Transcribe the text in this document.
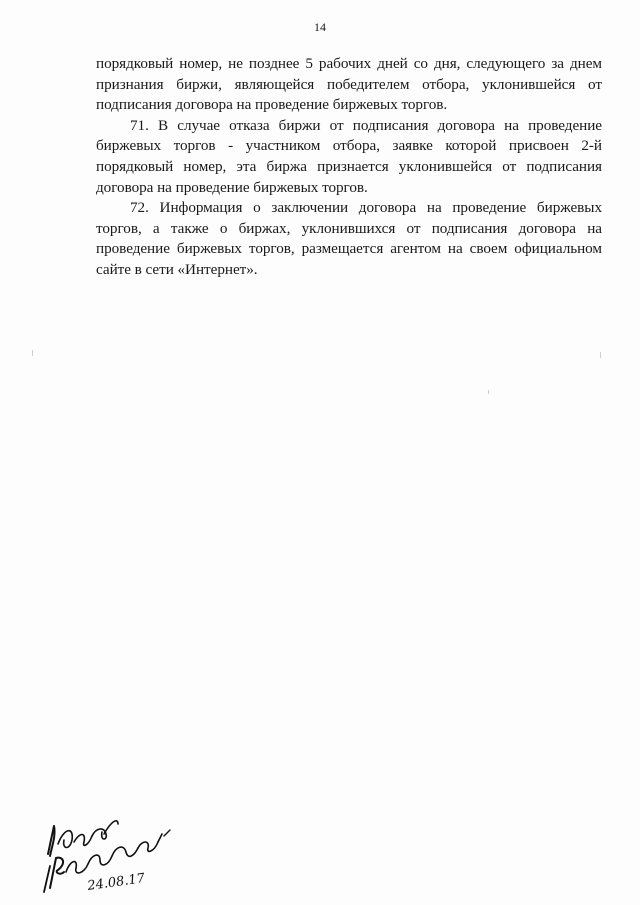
14

порядковый номер, не позднее 5 рабочих дней со дня, следующего за днем признания биржи, являющейся победителем отбора, уклонившейся от подписания договора на проведение биржевых торгов.

71. В случае отказа биржи от подписания договора на проведение биржевых торгов - участником отбора, заявке которой присвоен 2-й порядковый номер, эта биржа признается уклонившейся от подписания договора на проведение биржевых торгов.

72. Информация о заключении договора на проведение биржевых торгов, а также о биржах, уклонившихся от подписания договора на проведение биржевых торгов, размещается агентом на своем официальном сайте в сети «Интернет».

24.08.17
